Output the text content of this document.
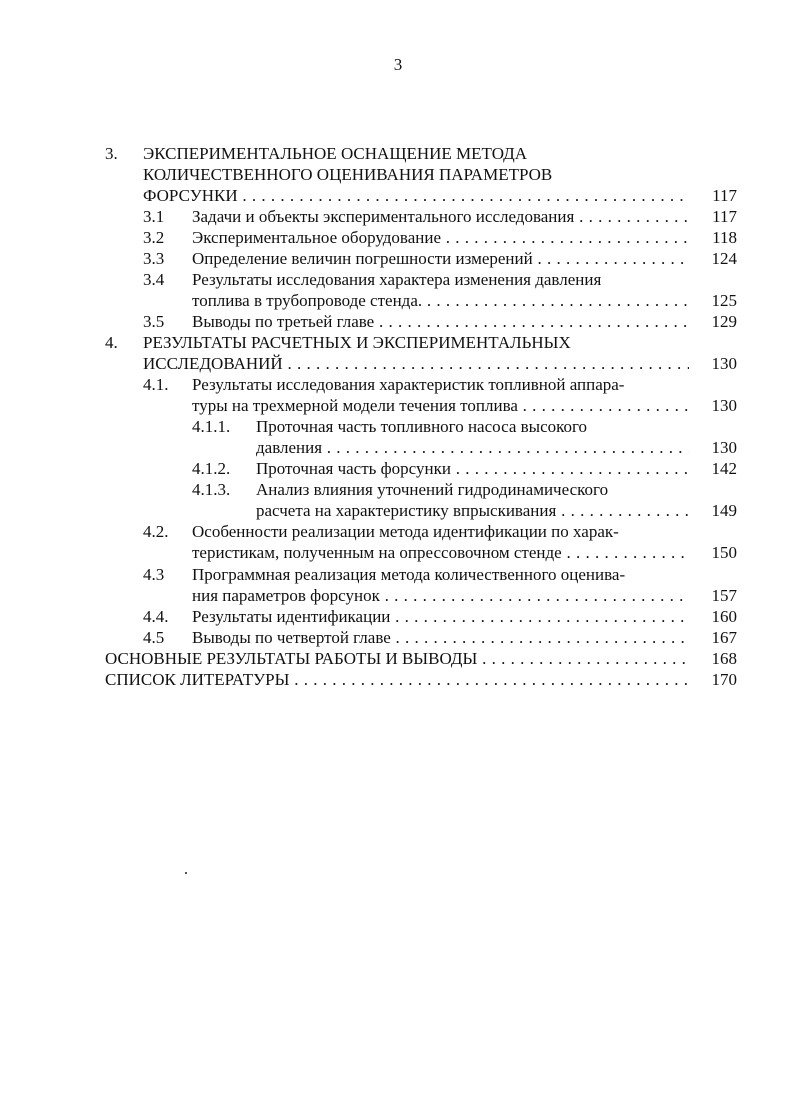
3
3. ЭКСПЕРИМЕНТАЛЬНОЕ ОСНАЩЕНИЕ МЕТОДА
КОЛИЧЕСТВЕННОГО ОЦЕНИВАНИЯ ПАРАМЕТРОВ
ФОРСУНКИ . . .	117
3.1 Задачи и объекты экспериментального исследования . . .	117
3.2 Экспериментальное оборудование . . .	118
3.3 Определение величин погрешности измерений . . .	124
3.4 Результаты исследования характера изменения давления
топлива в трубопроводе стенда. . . .	125
3.5 Выводы по третьей главе . . .	129
4. РЕЗУЛЬТАТЫ РАСЧЕТНЫХ И ЭКСПЕРИМЕНТАЛЬНЫХ
ИССЛЕДОВАНИЙ . . .	130
4.1. Результаты исследования характеристик топливной аппара-
туры на трехмерной модели течения топлива . . .	130
4.1.1. Проточная часть топливного насоса высокого
давления . . .	130
4.1.2. Проточная часть форсунки . . .	142
4.1.3. Анализ влияния уточнений гидродинамического
расчета на характеристику впрыскивания . . .	149
4.2. Особенности реализации метода идентификации по харак-
теристикам, полученным на опрессовочном стенде . . .	150
4.3 Программная реализация метода количественного оценива-
ния параметров форсунок . . .	157
4.4. Результаты идентификации . . .	160
4.5 Выводы по четвертой главе . . .	167
ОСНОВНЫЕ РЕЗУЛЬТАТЫ РАБОТЫ И ВЫВОДЫ . . .	168
СПИСОК ЛИТЕРАТУРЫ . . .	170
